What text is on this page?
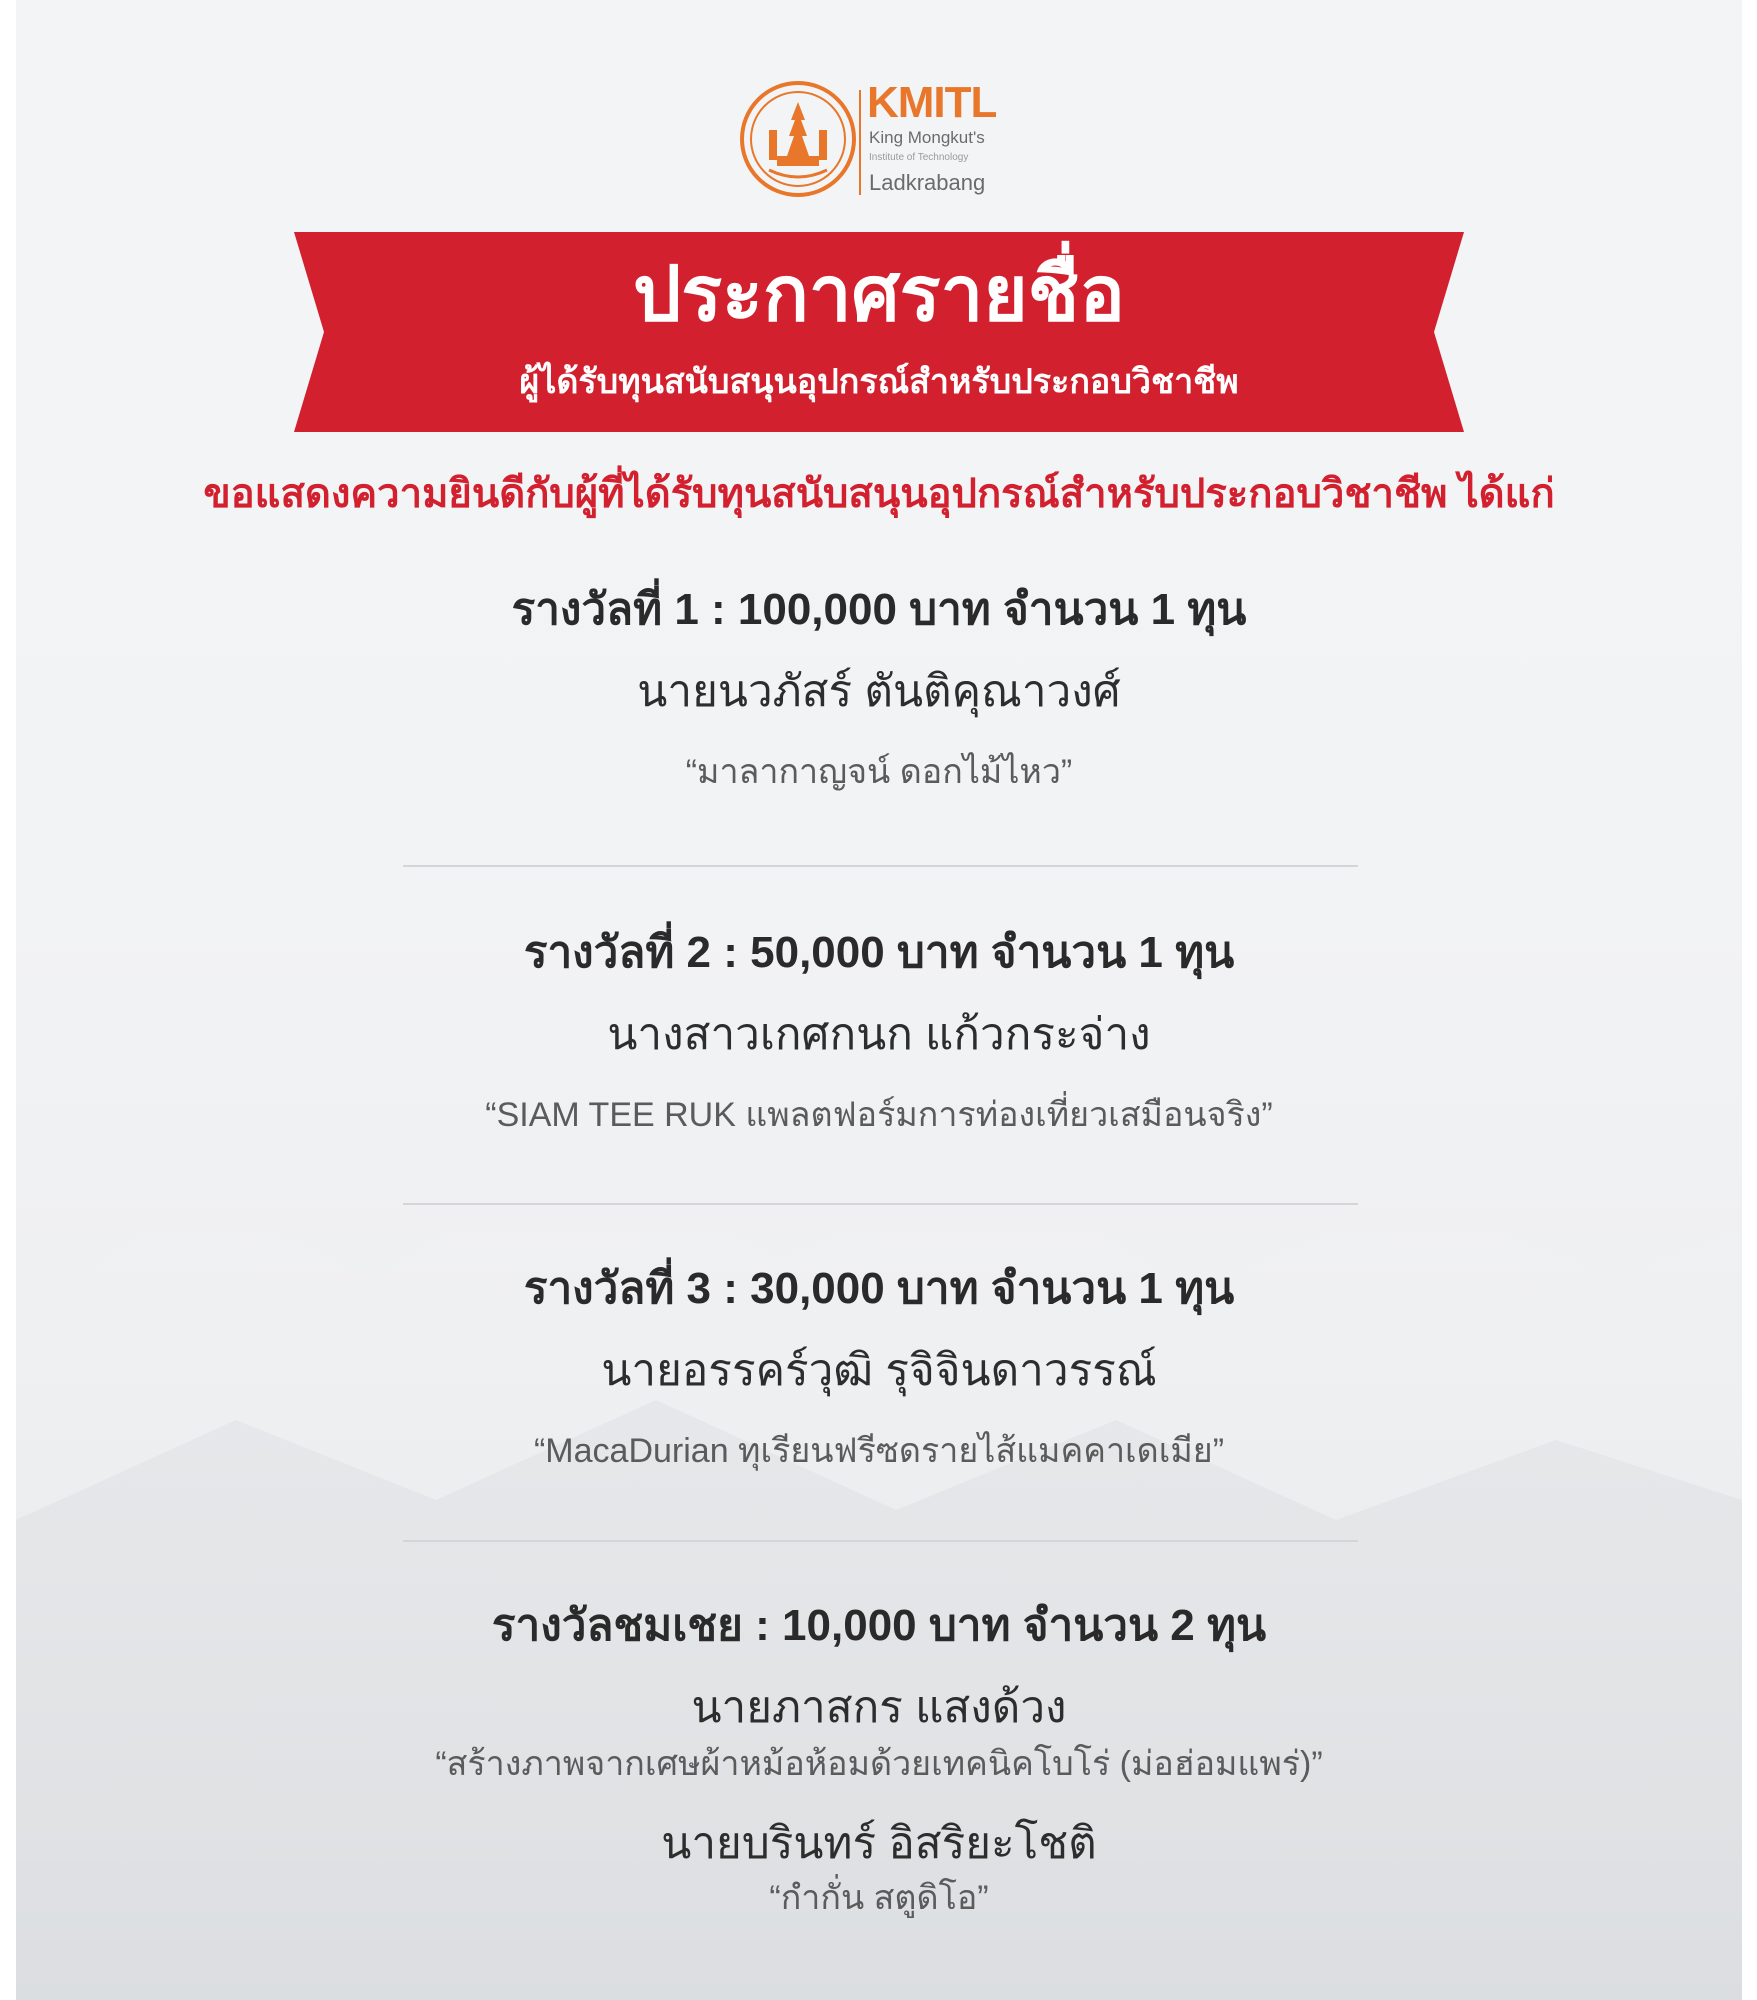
KMITL
King Mongkut's
Institute of Technology
Ladkrabang
ประกาศรายชื่อ
ผู้ได้รับทุนสนับสนุนอุปกรณ์สำหรับประกอบวิชาชีพ
ขอแสดงความยินดีกับผู้ที่ได้รับทุนสนับสนุนอุปกรณ์สำหรับประกอบวิชาชีพ ได้แก่
รางวัลที่ 1 : 100,000 บาท จำนวน 1 ทุน
นายนวภัสร์ ตันติคุณาวงศ์
“มาลากาญจน์ ดอกไม้ไหว”
รางวัลที่ 2 : 50,000 บาท จำนวน 1 ทุน
นางสาวเกศกนก แก้วกระจ่าง
“SIAM TEE RUK แพลตฟอร์มการท่องเที่ยวเสมือนจริง”
รางวัลที่ 3 : 30,000 บาท จำนวน 1 ทุน
นายอรรคร์วุฒิ รุจิจินดาวรรณ์
“MacaDurian ทุเรียนฟรีซดรายไส้แมคคาเดเมีย”
รางวัลชมเชย : 10,000 บาท จำนวน 2 ทุน
นายภาสกร แสงด้วง
“สร้างภาพจากเศษผ้าหม้อห้อมด้วยเทคนิคโบโร่ (ม่อฮ่อมแพร่)”
นายบรินทร์ อิสริยะโชติ
“กำกั่น สตูดิโอ”
